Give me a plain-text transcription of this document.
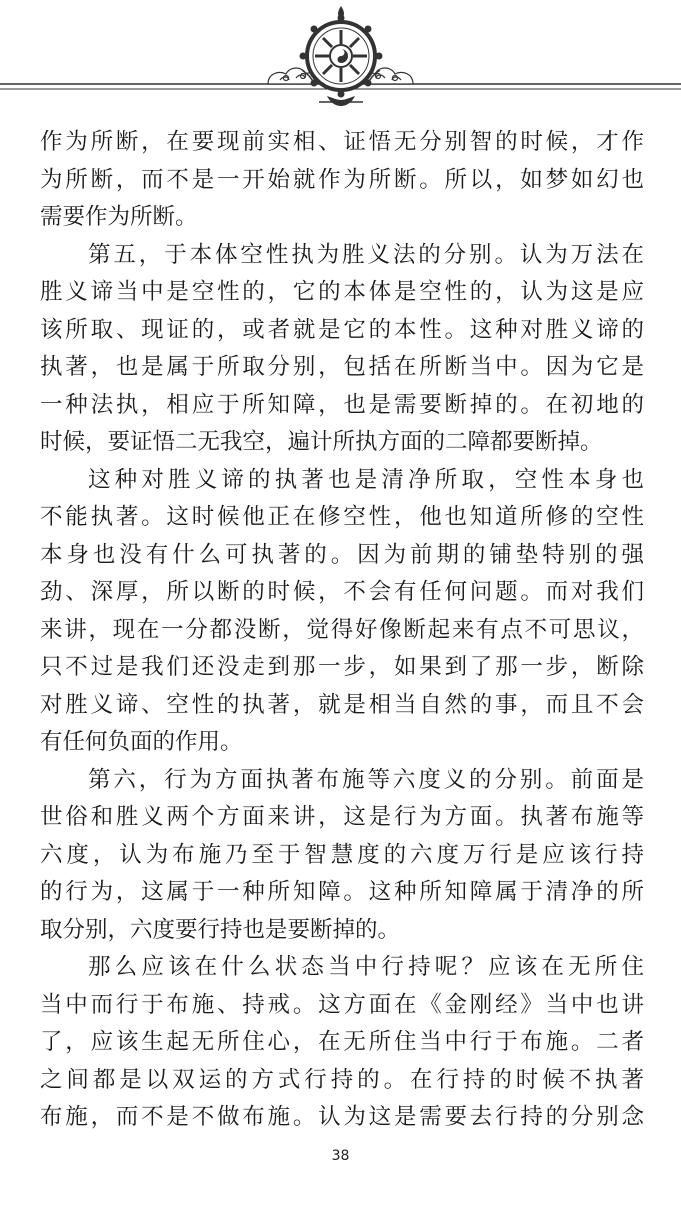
作为所断，在要现前实相、证悟无分别智的时候，才作
为所断，而不是一开始就作为所断。所以，如梦如幻也
需要作为所断。
第五，于本体空性执为胜义法的分别。认为万法在
胜义谛当中是空性的，它的本体是空性的，认为这是应
该所取、现证的，或者就是它的本性。这种对胜义谛的
执著，也是属于所取分别，包括在所断当中。因为它是
一种法执，相应于所知障，也是需要断掉的。在初地的
时候，要证悟二无我空，遍计所执方面的二障都要断掉。
这种对胜义谛的执著也是清净所取，空性本身也
不能执著。这时候他正在修空性，他也知道所修的空性
本身也没有什么可执著的。因为前期的铺垫特别的强
劲、深厚，所以断的时候，不会有任何问题。而对我们
来讲，现在一分都没断，觉得好像断起来有点不可思议，
只不过是我们还没走到那一步，如果到了那一步，断除
对胜义谛、空性的执著，就是相当自然的事，而且不会
有任何负面的作用。
第六，行为方面执著布施等六度义的分别。前面是
世俗和胜义两个方面来讲，这是行为方面。执著布施等
六度，认为布施乃至于智慧度的六度万行是应该行持
的行为，这属于一种所知障。这种所知障属于清净的所
取分别，六度要行持也是要断掉的。
那么应该在什么状态当中行持呢？应该在无所住
当中而行于布施、持戒。这方面在《金刚经》当中也讲
了，应该生起无所住心，在无所住当中行于布施。二者
之间都是以双运的方式行持的。在行持的时候不执著
布施，而不是不做布施。认为这是需要去行持的分别念
38
